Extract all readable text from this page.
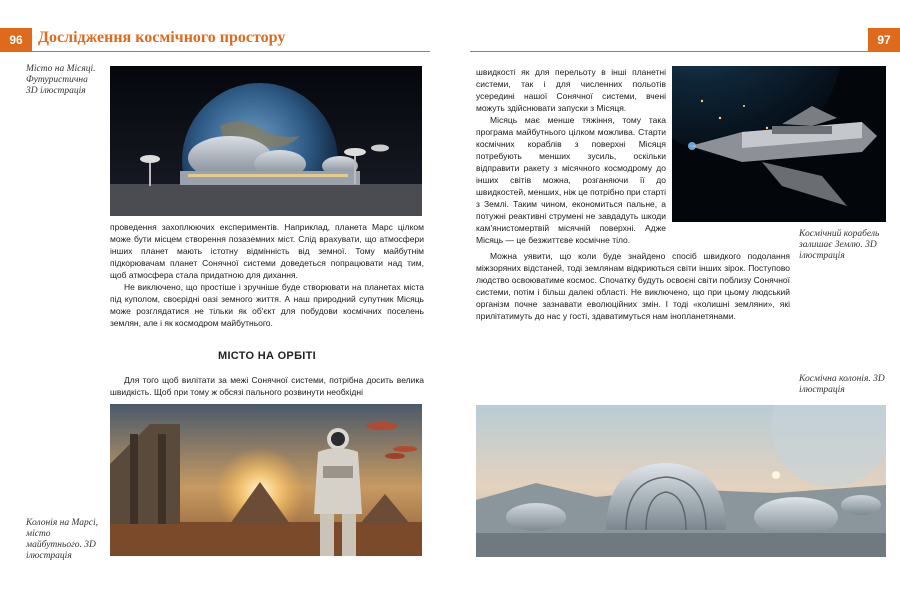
96 Дослідження космічного простору	97
Місто на Місяці. Футуристична 3D ілюстрація

проведення захоплюючих експериментів. Наприклад, планета Марс цілком може бути місцем створення позаземних міст. Слід врахувати, що атмосфери інших планет мають істотну відмінність від земної. Тому майбутнім підкорювачам планет Сонячної системи доведеться попрацювати над тим, щоб атмосфера стала придатною для дихання.

Не виключено, що простіше і зручніше буде створювати на планетах міста під куполом, своєрідні оазі земного життя. А наш природний супутник Місяць може розглядатися не тільки як об'єкт для побудови космічних поселень землян, але і як космодром майбутнього.

МІСТО НА ОРБІТІ

Для того щоб вилітати за межі Сонячної системи, потрібна досить велика швидкість. Щоб при тому ж обсязі пального розвинути необхідні

Колонія на Марсі, місто майбутнього. 3D ілюстрація

швидкості як для перельоту в інші планетні системи, так і для численних польотів усередині нашої Сонячної системи, вчені можуть здійснювати запуски з Місяця.

Місяць має менше тяжіння, тому така програма майбутнього цілком можлива. Старти космічних кораблів з поверхні Місяця потребують менших зусиль, оскільки відправити ракету з місячного космодрому до інших світів можна, розганяючи її до швидкостей, менших, ніж це потрібно при старті з Землі. Таким чином, економиться пальне, а потужні реактивні струмені не завдадуть шкоди кам'янистомертвій місячній поверхні. Адже Місяць — це безжиттєве космічне тіло.

Можна уявити, що коли буде знайдено спосіб швидкого подолання міжзоряних відстаней, тоді землянам відкриються світи інших зірок. Поступово людство освоюватиме космос. Спочатку будуть освоєні світи поблизу Сонячної системи, потім і більш далекі області. Не виключено, що при цьому людський організм почне зазнавати еволюційних змін. І тоді «колишні земляни», які прилітатимуть до нас у гості, здаватимуться нам інопланетянами.

Космічний корабель залишає Землю. 3D ілюстрація
Космічна колонія. 3D ілюстрація
